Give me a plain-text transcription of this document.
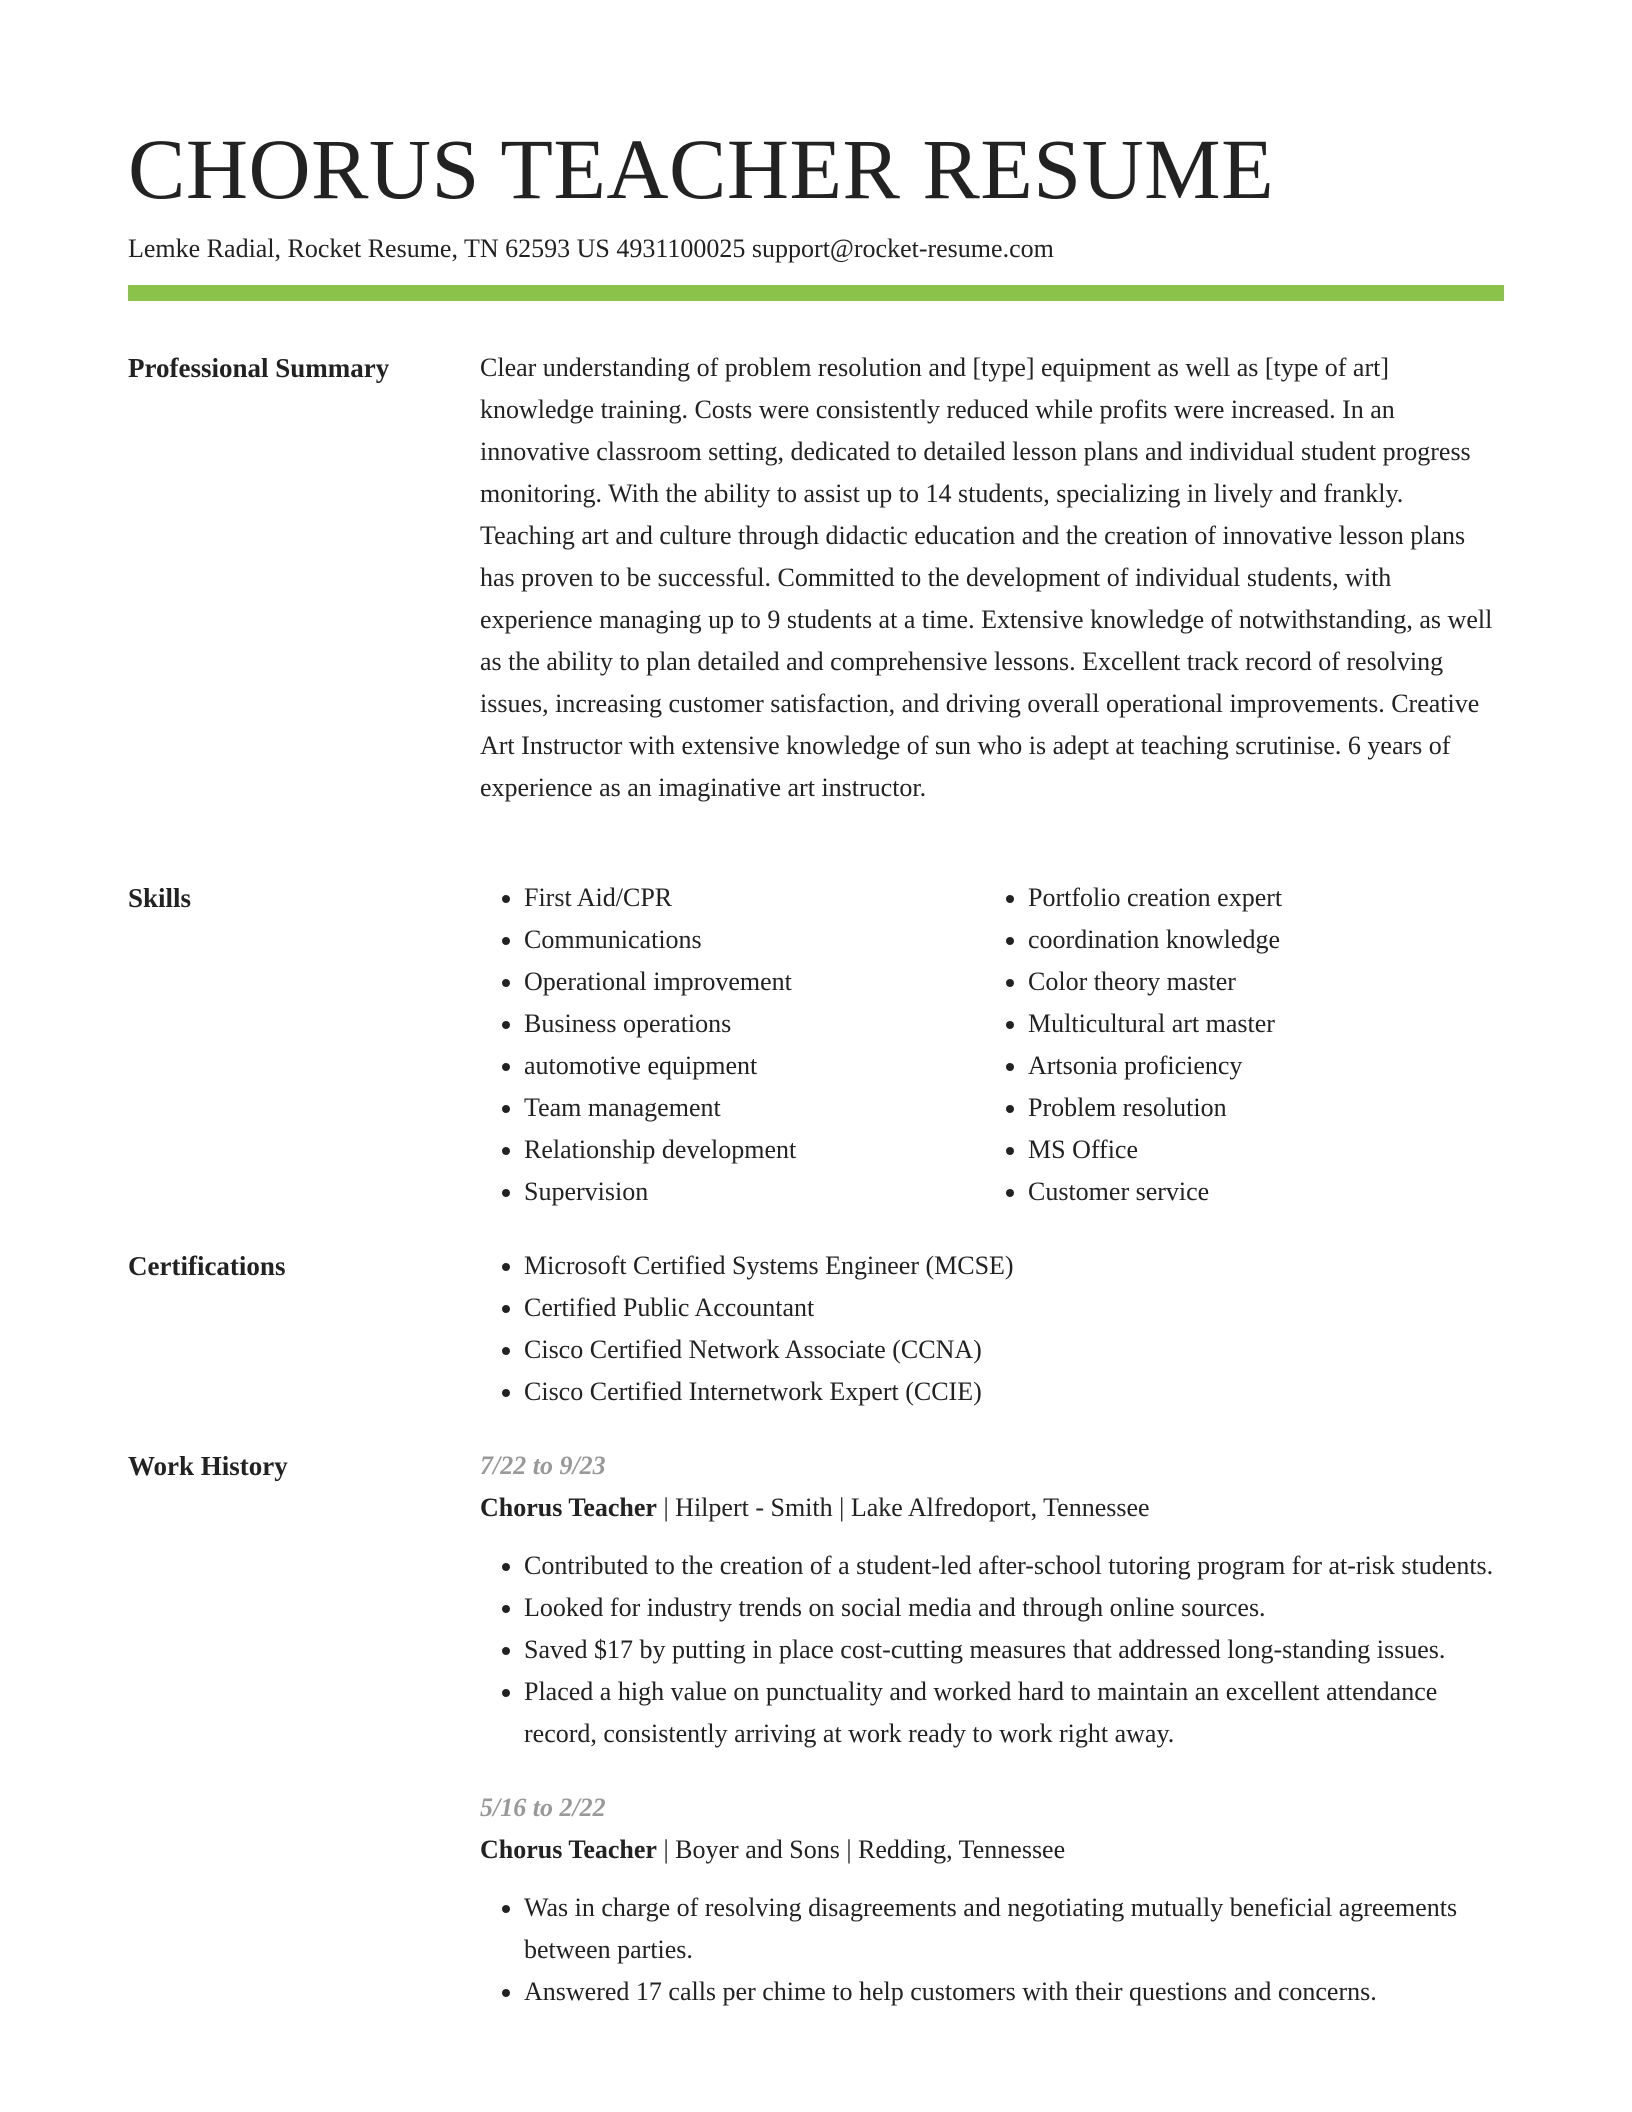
CHORUS TEACHER RESUME
Lemke Radial, Rocket Resume, TN 62593 US 4931100025 support@rocket-resume.com
Professional Summary	Clear understanding of problem resolution and [type] equipment as well as [type of art] knowledge training. Costs were consistently reduced while profits were increased. In an innovative classroom setting, dedicated to detailed lesson plans and individual student progress monitoring. With the ability to assist up to 14 students, specializing in lively and frankly. Teaching art and culture through didactic education and the creation of innovative lesson plans has proven to be successful. Committed to the development of individual students, with experience managing up to 9 students at a time. Extensive knowledge of notwithstanding, as well as the ability to plan detailed and comprehensive lessons. Excellent track record of resolving issues, increasing customer satisfaction, and driving overall operational improvements. Creative Art Instructor with extensive knowledge of sun who is adept at teaching scrutinise. 6 years of experience as an imaginative art instructor.

Skills	• First Aid/CPR
• Communications
• Operational improvement
• Business operations
• automotive equipment
• Team management
• Relationship development
• Supervision
• Portfolio creation expert
• coordination knowledge
• Color theory master
• Multicultural art master
• Artsonia proficiency
• Problem resolution
• MS Office
• Customer service
Certifications	• Microsoft Certified Systems Engineer (MCSE)
• Certified Public Accountant
• Cisco Certified Network Associate (CCNA)
• Cisco Certified Internetwork Expert (CCIE)
Work History	7/22 to 9/23
Chorus Teacher | Hilpert - Smith | Lake Alfredoport, Tennessee
• Contributed to the creation of a student-led after-school tutoring program for at-risk students.
• Looked for industry trends on social media and through online sources.
• Saved $17 by putting in place cost-cutting measures that addressed long-standing issues.
• Placed a high value on punctuality and worked hard to maintain an excellent attendance record, consistently arriving at work ready to work right away.
5/16 to 2/22
Chorus Teacher | Boyer and Sons | Redding, Tennessee
• Was in charge of resolving disagreements and negotiating mutually beneficial agreements between parties.
• Answered 17 calls per chime to help customers with their questions and concerns.
